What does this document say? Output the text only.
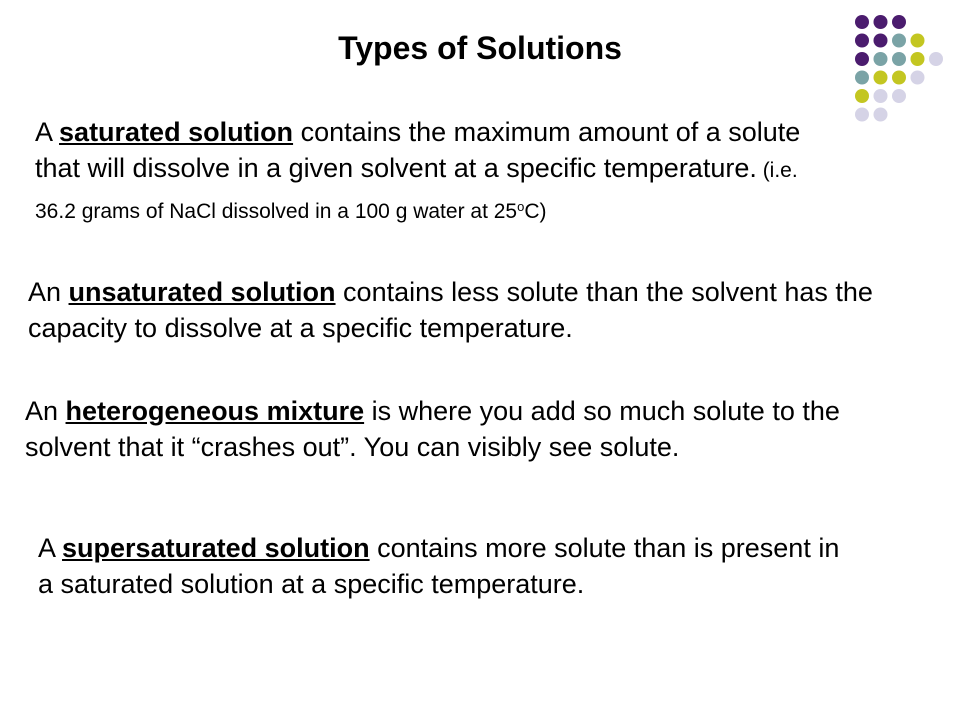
Types of Solutions
A saturated solution contains the maximum amount of a solute that will dissolve in a given solvent at a specific temperature. (i.e. 36.2 grams of NaCl dissolved in a 100 g water at 25$^o$C)
An unsaturated solution contains less solute than the solvent has the capacity to dissolve at a specific temperature.
An heterogeneous mixture is where you add so much solute to the solvent that it “crashes out”. You can visibly see solute.
A supersaturated solution contains more solute than is present in a saturated solution at a specific temperature.
